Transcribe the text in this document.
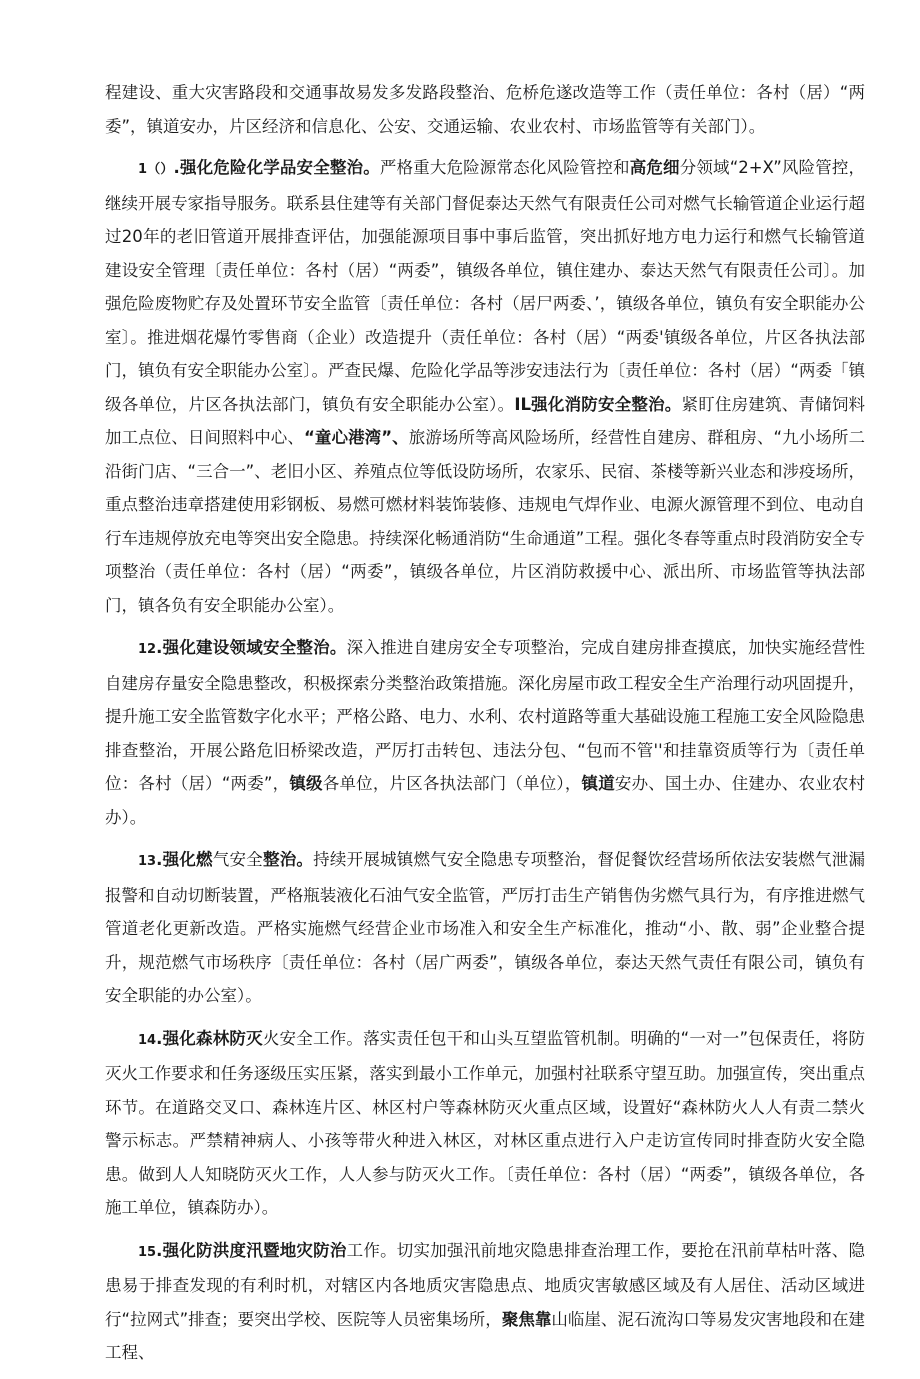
程建设、重大灾害路段和交通事故易发多发路段整治、危桥危遂改造等工作（责任单位：各村（居）“两委”，镇道安办，片区经济和信息化、公安、交通运输、农业农村、市场监管等有关部门）。

1（）.强化危险化学品安全整治。严格重大危险源常态化风险管控和高危细分领域“2+X”风险管控，继续开展专家指导服务。联系县住建等有关部门督促泰达天然气有限责任公司对燃气长输管道企业运行超过20年的老旧管道开展排查评估，加强能源项目事中事后监管，突出抓好地方电力运行和燃气长输管道建设安全管理〔责任单位：各村（居）“两委”，镇级各单位，镇住建办、泰达天然气有限责任公司〕。加强危险废物贮存及处置环节安全监管〔责任单位：各村（居尸两委、’，镇级各单位，镇负有安全职能办公室〕。推进烟花爆竹零售商（企业）改造提升（责任单位：各村（居）“两委'镇级各单位，片区各执法部门，镇负有安全职能办公室〕。严查民爆、危险化学品等涉安违法行为〔责任单位：各村（居）“两委「镇级各单位，片区各执法部门，镇负有安全职能办公室）。IL强化消防安全整治。紧盯住房建筑、青储饲料加工点位、日间照料中心、“童心港湾”、旅游场所等高风险场所，经营性自建房、群租房、“九小场所二沿街门店、“三合一”、老旧小区、养殖点位等低设防场所，农家乐、民宿、茶楼等新兴业态和涉疫场所，重点整治违章搭建使用彩钢板、易燃可燃材料装饰装修、违规电气焊作业、电源火源管理不到位、电动自行车违规停放充电等突出安全隐患。持续深化畅通消防“生命通道”工程。强化冬春等重点时段消防安全专项整治（责任单位：各村（居）“两委”，镇级各单位，片区消防救援中心、派出所、市场监管等执法部门，镇各负有安全职能办公室）。

12.强化建设领域安全整治。深入推进自建房安全专项整治，完成自建房排查摸底，加快实施经营性自建房存量安全隐患整改，积极探索分类整治政策措施。深化房屋市政工程安全生产治理行动巩固提升，提升施工安全监管数字化水平；严格公路、电力、水利、农村道路等重大基础设施工程施工安全风险隐患排查整治，开展公路危旧桥梁改造，严厉打击转包、违法分包、“包而不管''和挂靠资质等行为〔责任单位：各村（居）“两委”，镇级各单位，片区各执法部门（单位），镇道安办、国土办、住建办、农业农村办）。

13.强化燃气安全整治。持续开展城镇燃气安全隐患专项整治，督促餐饮经营场所依法安装燃气泄漏报警和自动切断装置，严格瓶装液化石油气安全监管，严厉打击生产销售伪劣燃气具行为，有序推进燃气管道老化更新改造。严格实施燃气经营企业市场准入和安全生产标准化，推动“小、散、弱”企业整合提升，规范燃气市场秩序〔责任单位：各村（居广两委”，镇级各单位，泰达天然气责任有限公司，镇负有安全职能的办公室）。

14.强化森林防灭火安全工作。落实责任包干和山头互望监管机制。明确的“一对一”包保责任，将防灭火工作要求和任务逐级压实压紧，落实到最小工作单元，加强村社联系守望互助。加强宣传，突出重点环节。在道路交叉口、森林连片区、林区村户等森林防灭火重点区域，设置好“森林防火人人有责二禁火警示标志。严禁精神病人、小孩等带火种进入林区，对林区重点进行入户走访宣传同时排查防火安全隐患。做到人人知晓防灭火工作，人人参与防灭火工作。〔责任单位：各村（居）“两委”，镇级各单位，各施工单位，镇森防办）。

15.强化防洪度汛暨地灾防治工作。切实加强汛前地灾隐患排查治理工作，要抢在汛前草枯叶落、隐患易于排查发现的有利时机，对辖区内各地质灾害隐患点、地质灾害敏感区域及有人居住、活动区域进行“拉网式”排查；要突出学校、医院等人员密集场所，聚焦靠山临崖、泥石流沟口等易发灾害地段和在建工程、
